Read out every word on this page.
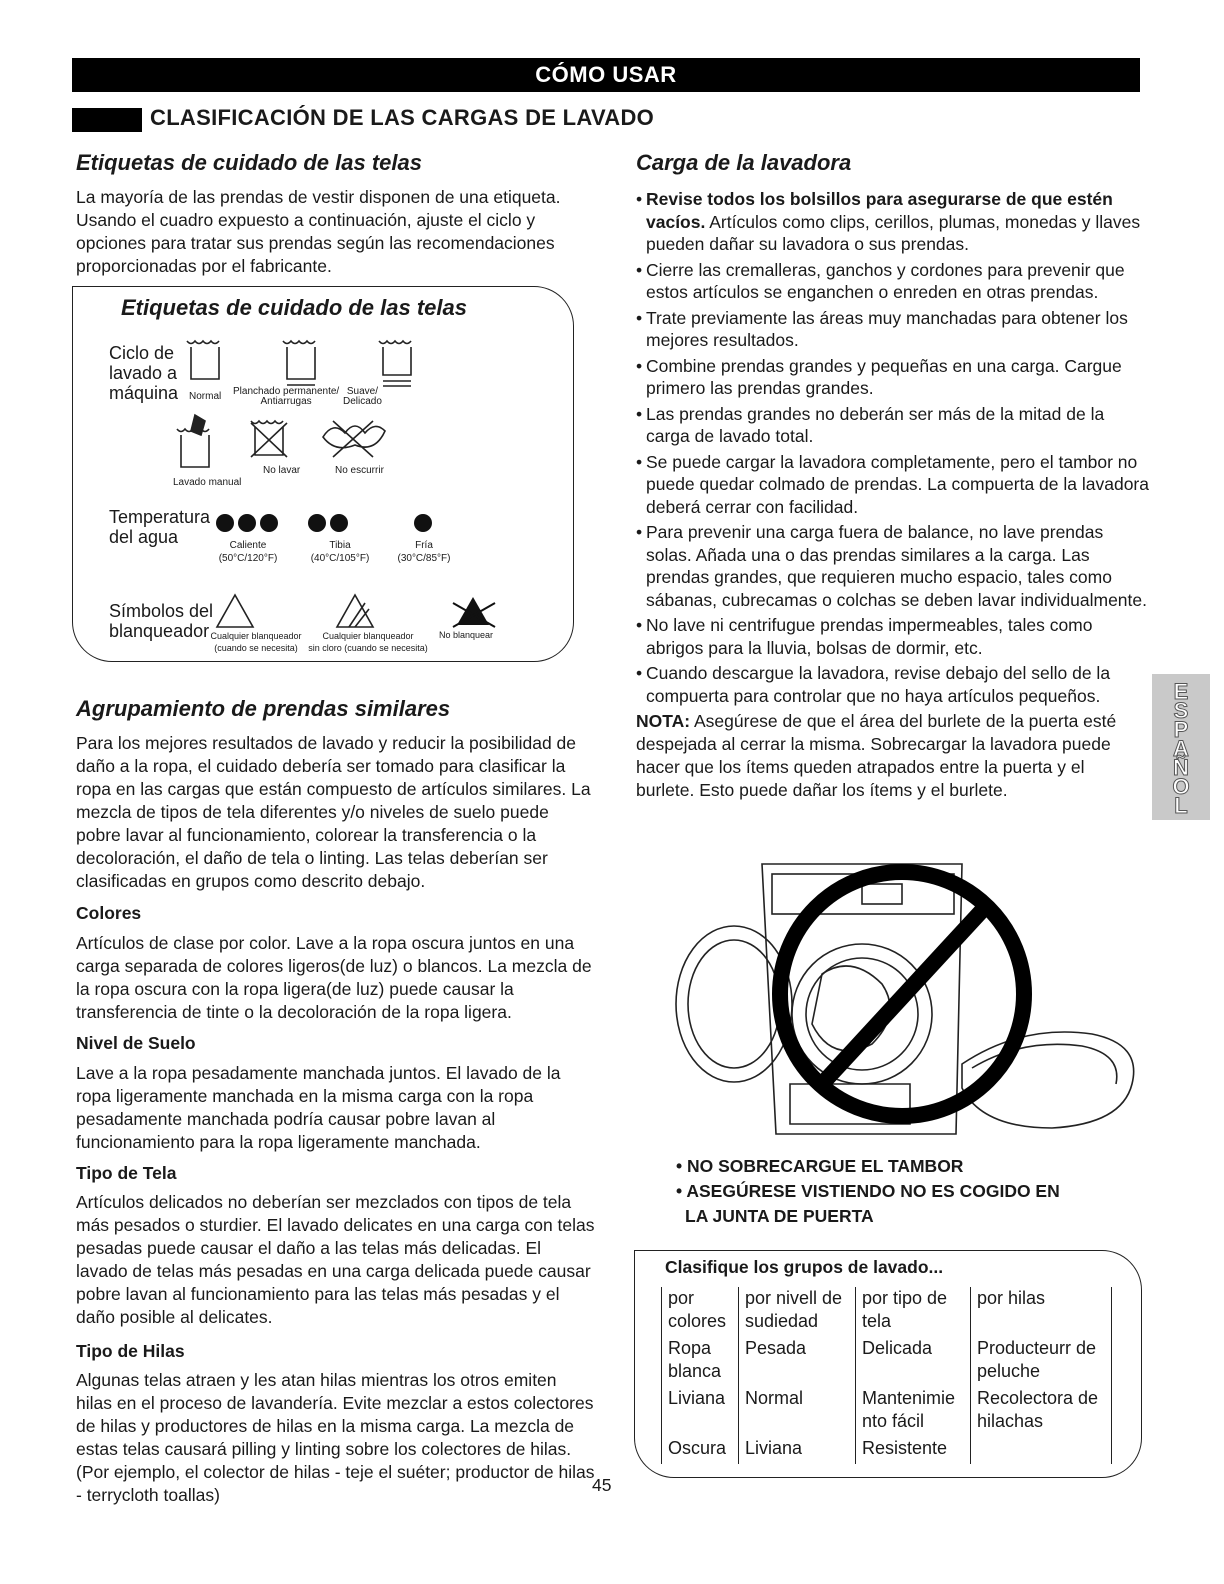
CÓMO USAR
CLASIFICACIÓN DE LAS CARGAS DE LAVADO
Etiquetas de cuidado de las telas

La mayoría de las prendas de vestir disponen de una etiqueta. Usando el cuadro expuesto a continuación, ajuste el ciclo y opciones para tratar sus prendas según las recomendaciones proporcionadas por el fabricante.

Etiquetas de cuidado de las telas
Ciclo de
lavado a
máquina Normal Planchado permanente/
Antiarrugas
Suave/
Delicado
Lavado manual
No lavar	No escurrir
Temperatura
del agua	Caliente
(50°C/120°F)
Tibia
(40°C/105°F)
Fría
(30°C/85°F)
Símbolos del
blanqueador Cualquier blanqueador
(cuando se necesita)
Cualquier blanqueador
sin cloro (cuando se necesita)
No blanquear
Agrupamiento de prendas similares

Para los mejores resultados de lavado y reducir la posibilidad de daño a la ropa, el cuidado debería ser tomado para clasificar la ropa en las cargas que están compuesto de artículos similares. La mezcla de tipos de tela diferentes y/o niveles de suelo puede pobre lavar al funcionamiento, colorear la transferencia o la decoloración, el daño de tela o linting. Las telas deberían ser clasificadas en grupos como descrito debajo.

Colores

Artículos de clase por color. Lave a la ropa oscura juntos en una carga separada de colores ligeros(de luz) o blancos. La mezcla de la ropa oscura con la ropa ligera(de luz) puede causar la transferencia de tinte o la decoloración de la ropa ligera.

Nivel de Suelo

Lave a la ropa pesadamente manchada juntos. El lavado de la ropa ligeramente manchada en la misma carga con la ropa pesadamente manchada podría causar pobre lavan al funcionamiento para la ropa ligeramente manchada.

Tipo de Tela

Artículos delicados no deberían ser mezclados con tipos de tela más pesados o sturdier. El lavado delicates en una carga con telas pesadas puede causar el daño a las telas más delicadas. El lavado de telas más pesadas en una carga delicada puede causar pobre lavan al funcionamiento para las telas más pesadas y el daño posible al delicates.

Tipo de Hilas

Algunas telas atraen y les atan hilas mientras los otros emiten hilas en el proceso de lavandería. Evite mezclar a estos colectores de hilas y productores de hilas en la misma carga. La mezcla de estas telas causará pilling y linting sobre los colectores de hilas. (Por ejemplo, el colector de hilas - teje el suéter; productor de hilas - terrycloth toallas)	45
Carga de la lavadora
• Revise todos los bolsillos para asegurarse de que estén vacíos. Artículos como clips, cerillos, plumas, monedas y llaves pueden dañar su lavadora o sus prendas.
• Cierre las cremalleras, ganchos y cordones para prevenir que estos artículos se enganchen o enreden en otras prendas.
• Trate previamente las áreas muy manchadas para obtener los mejores resultados.
• Combine prendas grandes y pequeñas en una carga. Cargue primero las prendas grandes.
• Las prendas grandes no deberán ser más de la mitad de la carga de lavado total.
• Se puede cargar la lavadora completamente, pero el tambor no puede quedar colmado de prendas. La compuerta de la lavadora deberá cerrar con facilidad.
• Para prevenir una carga fuera de balance, no lave prendas solas. Añada una o das prendas similares a la carga. Las prendas grandes, que requieren mucho espacio, tales como sábanas, cubrecamas o colchas se deben lavar individualmente.
• No lave ni centrifugue prendas impermeables, tales como abrigos para la lluvia, bolsas de dormir, etc.
• Cuando descargue la lavadora, revise debajo del sello de la compuerta para controlar que no haya artículos pequeños.

NOTA: Asegúrese de que el área del burlete de la puerta esté despejada al cerrar la misma. Sobrecargar la lavadora puede hacer que los ítems queden atrapados entre la puerta y el burlete. Esto puede dañar los ítems y el burlete.

• NO SOBRECARGUE EL TAMBOR
• ASEGÚRESE VISTIENDO NO ES COGIDO EN
LA JUNTA DE PUERTA
Clasifique los grupos de lavado...
por colores	por nivell de sudiedad	por tipo de tela	por hilas
Ropa blanca	Pesada	Delicada	Producteurr de peluche
Liviana	Normal	Mantenimie nto fácil	Recolectora de hilachas
Oscura	Liviana	Resistente	
E
S
P
A
Ñ
O
L
